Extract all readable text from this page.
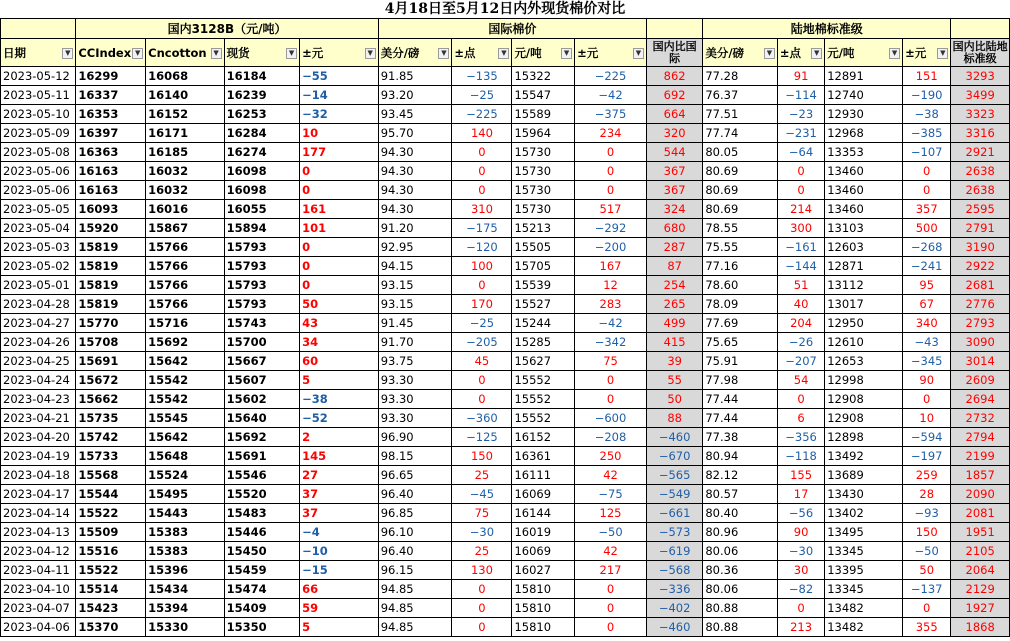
4月18日至5月12日内外现货棉价对比														
	国内3128B（元/吨）				国际棉价					陆地棉标准级				
日期 ▼	CCIndex ▼	Cncotton ▼	现货 ▼	±元 ▼	美分/磅 ▼	±点 ▼	元/吨 ▼	±元 ▼	国内比国际	美分/磅 ▼	±点 ▼	元/吨 ▼	±元 ▼	国内比陆地标准级
2023-05-12	16299	16068	16184	−55	91.85	−135	15322	−225	862	77.28	91	12891	151	3293
2023-05-11	16337	16140	16239	−14	93.20	−25	15547	−42	692	76.37	−114	12740	−190	3499
2023-05-10	16353	16152	16253	−32	93.45	−225	15589	−375	664	77.51	−23	12930	−38	3323
2023-05-09	16397	16171	16284	10	95.70	140	15964	234	320	77.74	−231	12968	−385	3316
2023-05-08	16363	16185	16274	177	94.30	0	15730	0	544	80.05	−64	13353	−107	2921
2023-05-06	16163	16032	16098	0	94.30	0	15730	0	367	80.69	0	13460	0	2638
2023-05-06	16163	16032	16098	0	94.30	0	15730	0	367	80.69	0	13460	0	2638
2023-05-05	16093	16016	16055	161	94.30	310	15730	517	324	80.69	214	13460	357	2595
2023-05-04	15920	15867	15894	101	91.20	−175	15213	−292	680	78.55	300	13103	500	2791
2023-05-03	15819	15766	15793	0	92.95	−120	15505	−200	287	75.55	−161	12603	−268	3190
2023-05-02	15819	15766	15793	0	94.15	100	15705	167	87	77.16	−144	12871	−241	2922
2023-05-01	15819	15766	15793	0	93.15	0	15539	12	254	78.60	51	13112	95	2681
2023-04-28	15819	15766	15793	50	93.15	170	15527	283	265	78.09	40	13017	67	2776
2023-04-27	15770	15716	15743	43	91.45	−25	15244	−42	499	77.69	204	12950	340	2793
2023-04-26	15708	15692	15700	34	91.70	−205	15285	−342	415	75.65	−26	12610	−43	3090
2023-04-25	15691	15642	15667	60	93.75	45	15627	75	39	75.91	−207	12653	−345	3014
2023-04-24	15672	15542	15607	5	93.30	0	15552	0	55	77.98	54	12998	90	2609
2023-04-23	15662	15542	15602	−38	93.30	0	15552	0	50	77.44	0	12908	0	2694
2023-04-21	15735	15545	15640	−52	93.30	−360	15552	−600	88	77.44	6	12908	10	2732
2023-04-20	15742	15642	15692	2	96.90	−125	16152	−208	−460	77.38	−356	12898	−594	2794
2023-04-19	15733	15648	15691	145	98.15	150	16361	250	−670	80.94	−118	13492	−197	2199
2023-04-18	15568	15524	15546	27	96.65	25	16111	42	−565	82.12	155	13689	259	1857
2023-04-17	15544	15495	15520	37	96.40	−45	16069	−75	−549	80.57	17	13430	28	2090
2023-04-14	15522	15443	15483	37	96.85	75	16144	125	−661	80.40	−56	13402	−93	2081
2023-04-13	15509	15383	15446	−4	96.10	−30	16019	−50	−573	80.96	90	13495	150	1951
2023-04-12	15516	15383	15450	−10	96.40	25	16069	42	−619	80.06	−30	13345	−50	2105
2023-04-11	15522	15396	15459	−15	96.15	130	16027	217	−568	80.36	30	13395	50	2064
2023-04-10	15514	15434	15474	66	94.85	0	15810	0	−336	80.06	−82	13345	−137	2129
2023-04-07	15423	15394	15409	59	94.85	0	15810	0	−402	80.88	0	13482	0	1927
2023-04-06	15370	15330	15350	5	94.85	0	15810	0	−460	80.88	213	13482	355	1868
